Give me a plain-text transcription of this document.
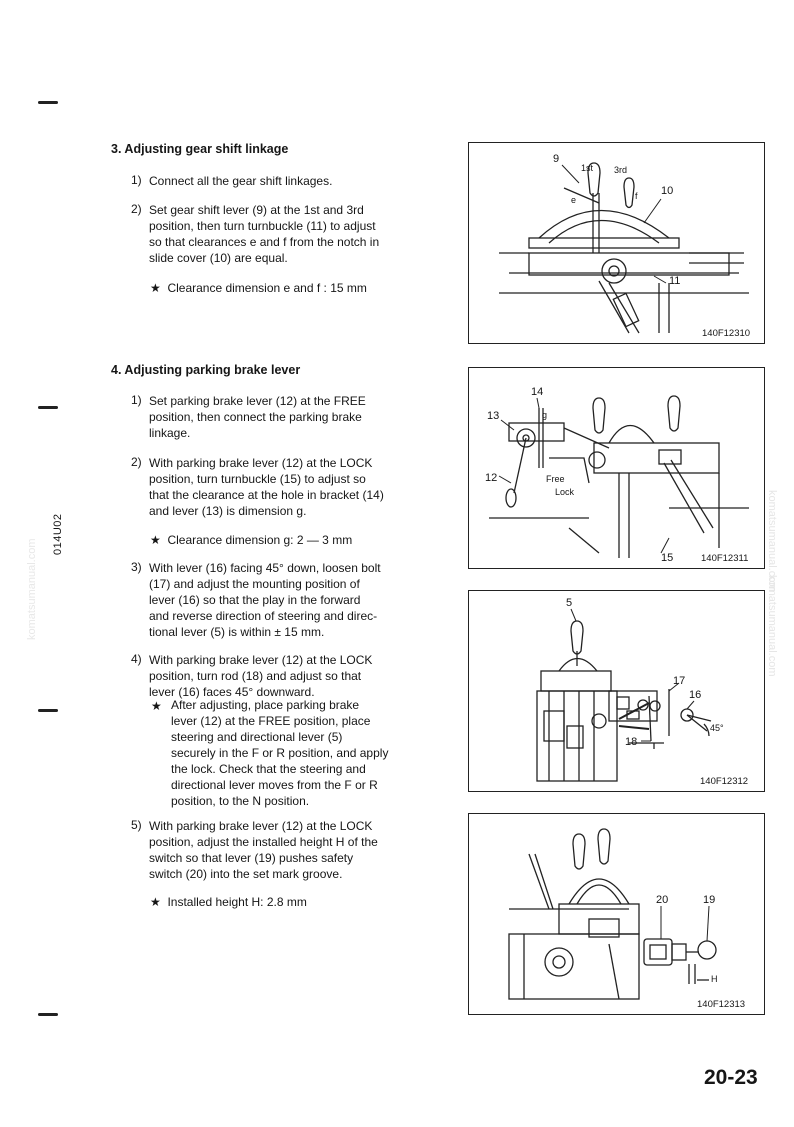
014U02
komatsumanual.com	komatsumanual.com
komatsumanual.com
3. Adjusting gear shift linkage
1) Connect all the gear shift linkages.
2) Set gear shift lever (9) at the 1st and 3rd
position, then turn turnbuckle (11) to adjust
so that clearances e and f from the notch in
slide cover (10) are equal.
★ Clearance dimension e and f : 15 mm
4. Adjusting parking brake lever
1) Set parking brake lever (12) at the FREE
position, then connect the parking brake
linkage.
2) With parking brake lever (12) at the LOCK
position, turn turnbuckle (15) to adjust so
that the clearance at the hole in bracket (14)
and lever (13) is dimension g.
★ Clearance dimension g: 2 — 3 mm
3) With lever (16) facing 45° down, loosen bolt
(17) and adjust the mounting position of
lever (16) so that the play in the forward
and reverse direction of steering and direc-
tional lever (5) is within ± 15 mm.
4) With parking brake lever (12) at the LOCK
position, turn rod (18) and adjust so that
lever (16) faces 45° downward.
★ After adjusting, place parking brake
lever (12) at the FREE position, place
steering and directional lever (5)
securely in the F or R position, and apply
the lock. Check that the steering and
directional lever moves from the F or R
position, to the N position.
5) With parking brake lever (12) at the LOCK
position, adjust the installed height H of the
switch so that lever (19) pushes safety
switch (20) into the set mark groove.
★ Installed height H: 2.8 mm
9
1st 3rd
e	f 10
11
140F12310
14
13	g
12	Free
Lock
15	140F12311
5
17
16
45°
18
140F12312
20	19
H
140F12313
20-23
